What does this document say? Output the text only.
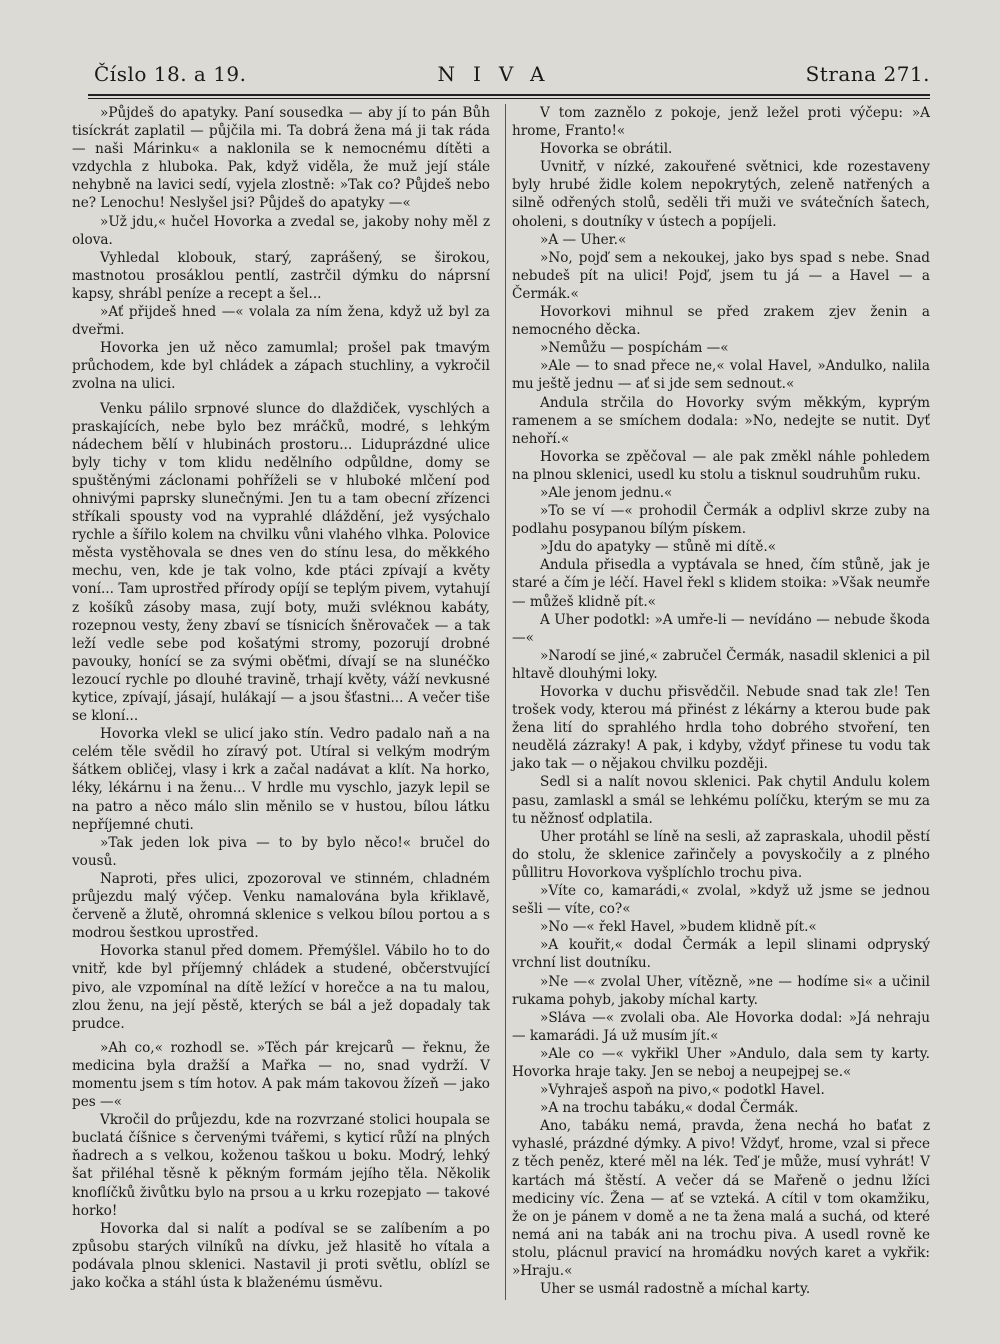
Číslo 18. a 19.	NIVA	Strana 271.

»Půjdeš do apatyky. Paní sousedka — aby jí to pán Bůh tisíckrát zaplatil — půjčila mi. Ta dobrá žena má ji tak ráda — naši Márinku« a naklonila se k nemocnému dítěti a vzdychla z hluboka. Pak, když viděla, že muž její stále nehybně na lavici sedí, vyjela zlostně: »Tak co? Půjdeš nebo ne? Lenochu! Neslyšel jsi? Půjdeš do apatyky —«

»Už jdu,« hučel Hovorka a zvedal se, jakoby nohy měl z olova.

Vyhledal klobouk, starý, zaprášený, se širokou, mastnotou prosáklou pentlí, zastrčil dýmku do náprsní kapsy, shrábl peníze a recept a šel...

»Ať přijdeš hned —« volala za ním žena, když už byl za dveřmi.

Hovorka jen už něco zamumlal; prošel pak tmavým průchodem, kde byl chládek a zápach stuchliny, a vykročil zvolna na ulici.

Venku pálilo srpnové slunce do dlaždiček, vyschlých a praskajících, nebe bylo bez mráčků, modré, s lehkým nádechem bělí v hlubinách prostoru... Liduprázdné ulice byly tichy v tom klidu nedělního odpůldne, domy se spuštěnými záclonami pohříželi se v hluboké mlčení pod ohnivými paprsky slunečnými. Jen tu a tam obecní zřízenci stříkali spousty vod na vyprahlé dláždění, jež vysýchalo rychle a šířilo kolem na chvilku vůni vlahého vlhka. Polovice města vystěhovala se dnes ven do stínu lesa, do měkkého mechu, ven, kde je tak volno, kde ptáci zpívají a květy voní... Tam uprostřed přírody opíjí se teplým pivem, vytahují z košíků zásoby masa, zují boty, muži svléknou kabáty, rozepnou vesty, ženy zbaví se tísnicích šněrovaček — a tak leží vedle sebe pod košatými stromy, pozorují drobné pavouky, honící se za svými oběťmi, dívají se na slunéčko lezoucí rychle po dlouhé travině, trhají květy, váží nevkusné kytice, zpívají, jásají, hulákají — a jsou šťastni... A večer tiše se kloní...

Hovorka vlekl se ulicí jako stín. Vedro padalo naň a na celém těle svědil ho zíravý pot. Utíral si velkým modrým šátkem obličej, vlasy i krk a začal nadávat a klít. Na horko, léky, lékárnu i na ženu... V hrdle mu vyschlo, jazyk lepil se na patro a něco málo slin měnilo se v hustou, bílou látku nepříjemné chuti.

»Tak jeden lok piva — to by bylo něco!« bručel do vousů.

Naproti, přes ulici, zpozoroval ve stinném, chladném průjezdu malý výčep. Venku namalována byla křiklavě, červeně a žlutě, ohromná sklenice s velkou bílou portou a s modrou šestkou uprostřed.

Hovorka stanul před domem. Přemýšlel. Vábilo ho to do vnitř, kde byl příjemný chládek a studené, občerstvující pivo, ale vzpomínal na dítě ležící v horečce a na tu malou, zlou ženu, na její pěstě, kterých se bál a jež dopadaly tak prudce.

»Ah co,« rozhodl se. »Těch pár krejcarů — řeknu, že medicina byla dražší a Mařka — no, snad vydrží. V momentu jsem s tím hotov. A pak mám takovou žízeň — jako pes —«

Vkročil do průjezdu, kde na rozvrzané stolici houpala se buclatá číšnice s červenými tvářemi, s kyticí růží na plných ňadrech a s velkou, koženou taškou u boku. Modrý, lehký šat přiléhal těsně k pěkným formám jejího těla. Několik knoflíčků živůtku bylo na prsou a u krku rozepjato — takové horko!

Hovorka dal si nalít a podíval se se zalíbením a po způsobu starých vilníků na dívku, jež hlasitě ho vítala a podávala plnou sklenici. Nastavil ji proti světlu, oblízl se jako kočka a stáhl ústa k blaženému úsměvu.

V tom zaznělo z pokoje, jenž ležel proti výčepu: »A hrome, Franto!«

Hovorka se obrátil.

Uvnitř, v nízké, zakouřené světnici, kde rozestaveny byly hrubé židle kolem nepokrytých, zeleně natřených a silně odřených stolů, seděli tři muži ve svátečních šatech, oholeni, s doutníky v ústech a popíjeli.

»A — Uher.«

»No, pojď sem a nekoukej, jako bys spad s nebe. Snad nebudeš pít na ulici! Pojď, jsem tu já — a Havel — a Čermák.«

Hovorkovi mihnul se před zrakem zjev ženin a nemocného děcka.

»Nemůžu — pospíchám —«

»Ale — to snad přece ne,« volal Havel, »Andulko, nalila mu ještě jednu — ať si jde sem sednout.«

Andula strčila do Hovorky svým měkkým, kyprým ramenem a se smíchem dodala: »No, nedejte se nutit. Dyť nehoří.«

Hovorka se zpěčoval — ale pak změkl náhle pohledem na plnou sklenici, usedl ku stolu a tisknul soudruhům ruku.

»Ale jenom jednu.«

»To se ví —« prohodil Čermák a odplivl skrze zuby na podlahu posypanou bílým pískem.

»Jdu do apatyky — stůně mi dítě.«

Andula přisedla a vyptávala se hned, čím stůně, jak je staré a čím je léčí. Havel řekl s klidem stoika: »Však neumře — můžeš klidně pít.«

A Uher podotkl: »A umře-li — nevídáno — nebude škoda —«

»Narodí se jiné,« zabručel Čermák, nasadil sklenici a pil hltavě dlouhými loky.

Hovorka v duchu přisvědčil. Nebude snad tak zle! Ten trošek vody, kterou má přinést z lékárny a kterou bude pak žena lití do sprahlého hrdla toho dobrého stvoření, ten neudělá zázraky! A pak, i kdyby, vždyť přinese tu vodu tak jako tak — o nějakou chvilku později.

Sedl si a nalít novou sklenici. Pak chytil Andulu kolem pasu, zamlaskl a smál se lehkému políčku, kterým se mu za tu něžnosť odplatila.

Uher protáhl se líně na sesli, až zapraskala, uhodil pěstí do stolu, že sklenice zařinčely a povyskočily a z plného půllitru Hovorkova vyšplíchlo trochu piva.

»Víte co, kamarádi,« zvolal, »když už jsme se jednou sešli — víte, co?«

»No —« řekl Havel, »budem klidně pít.«

»A kouřit,« dodal Čermák a lepil slinami odpryský vrchní list doutníku.

»Ne —« zvolal Uher, vítězně, »ne — hodíme si« a učinil rukama pohyb, jakoby míchal karty.

»Sláva —« zvolali oba. Ale Hovorka dodal: »Já nehraju — kamarádi. Já už musím jít.«

»Ale co —« vykřikl Uher »Andulo, dala sem ty karty. Hovorka hraje taky. Jen se neboj a neupejpej se.«

»Vyhraješ aspoň na pivo,« podotkl Havel.

»A na trochu tabáku,« dodal Čermák.

Ano, tabáku nemá, pravda, žena nechá ho baťat z vyhaslé, prázdné dýmky. A pivo! Vždyť, hrome, vzal si přece z těch peněz, které měl na lék. Teď je může, musí vyhrát! V kartách má štěstí. A večer dá se Mařeně o jednu lžíci mediciny víc. Žena — ať se vzteká. A cítil v tom okamžiku, že on je pánem v domě a ne ta žena malá a suchá, od které nemá ani na tabák ani na trochu piva. A usedl rovně ke stolu, plácnul pravicí na hromádku nových karet a vykřik: »Hraju.«

Uher se usmál radostně a míchal karty.
